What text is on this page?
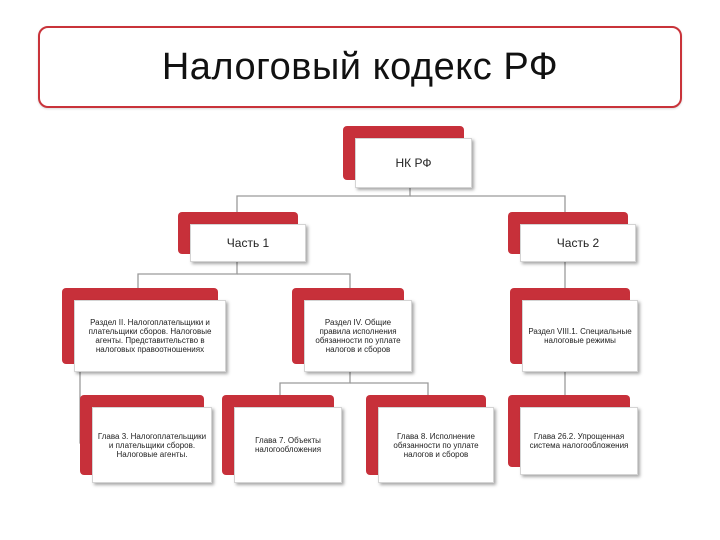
Налоговый кодекс РФ
НК РФ
Часть 1	Часть 2
Раздел II. Налогоплательщики и плательщики сборов. Налоговые агенты. Представительство в налоговых правоотношениях
Раздел IV. Общие правила исполнения обязанности по уплате налогов и сборов
Раздел VIII.1. Специальные налоговые режимы
Глава 3. Налогоплательщики и плательщики сборов. Налоговые агенты.
Глава 7. Объекты налогообложения
Глава 8. Исполнение обязанности по уплате налогов и сборов
Глава 26.2. Упрощенная система налогообложения
